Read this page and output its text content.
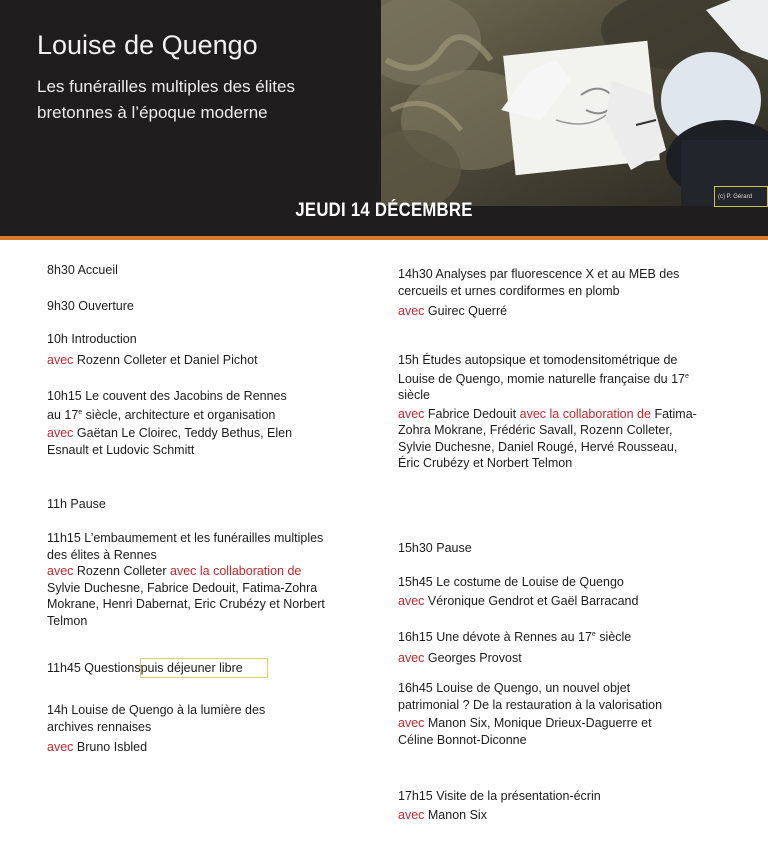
Louise de Quengo
Les funérailles multiples des élites bretonnes à l’époque moderne
(c) P. Gérard
JEUDI 14 DÉCEMBRE
8h30 Accueil
9h30 Ouverture
10h Introduction
avec Rozenn Colleter et Daniel Pichot
10h15 Le couvent des Jacobins de Rennes au 17e siècle, architecture et organisation
avec Gaëtan Le Cloirec, Teddy Bethus, Elen Esnault et Ludovic Schmitt
11h Pause
11h15 L’embaumement et les funérailles multiples des élites à Rennes
avec Rozenn Colleter avec la collaboration de Sylvie Duchesne, Fabrice Dedouit, Fatima-Zohra Mokrane, Henri Dabernat, Eric Crubézy et Norbert Telmon
11h45 Questionspuis déjeuner libre
14h Louise de Quengo à la lumière des archives rennaises
avec Bruno Isbled
14h30 Analyses par fluorescence X et au MEB des cercueils et urnes cordiformes en plomb
avec Guirec Querré
15h Études autopsique et tomodensitométrique de Louise de Quengo, momie naturelle française du 17e siècle
avec Fabrice Dedouit avec la collaboration de Fatima-Zohra Mokrane, Frédéric Savall, Rozenn Colleter, Sylvie Duchesne, Daniel Rougé, Hervé Rousseau, Éric Crubézy et Norbert Telmon
15h30 Pause
15h45 Le costume de Louise de Quengo
avec Véronique Gendrot et Gaël Barracand
16h15 Une dévote à Rennes au 17e siècle
avec Georges Provost
16h45 Louise de Quengo, un nouvel objet patrimonial ? De la restauration à la valorisation
avec Manon Six, Monique Drieux-Daguerre et Céline Bonnot-Diconne
17h15 Visite de la présentation-écrin
avec Manon Six
